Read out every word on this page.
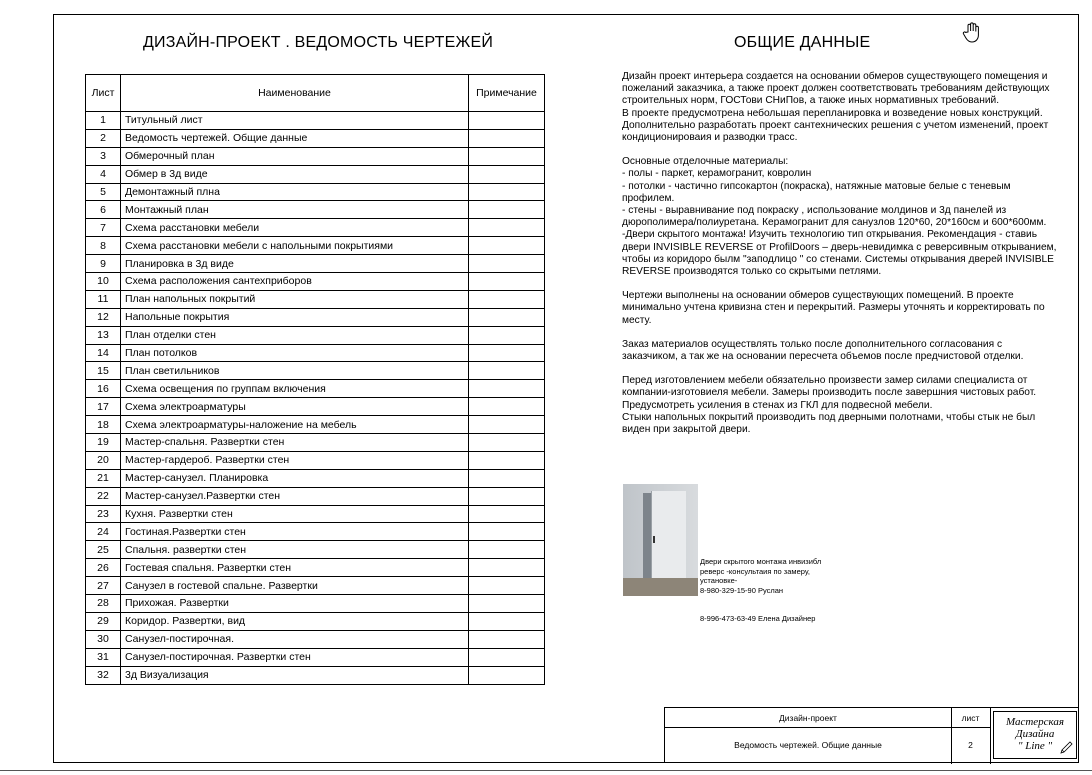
ДИЗАЙН-ПРОЕКТ . ВЕДОМОСТЬ ЧЕРТЕЖЕЙ	ОБЩИЕ ДАННЫЕ
Лист	Наименование	Примечание
1	Титульный лист	
2	Ведомость чертежей. Общие данные	
3	Обмерочный план	
4	Обмер в 3д виде	
5	Демонтажный плна	
6	Монтажный план	
7	Схема расстановки мебели	
8	Схема расстановки мебели с напольными покрытиями	
9	Планировка в 3д виде	
10	Схема расположения сантехприборов	
11	План напольных покрытий	
12	Напольные покрытия	
13	План отделки стен	
14	План потолков	
15	План светильников	
16	Схема освещения по группам включения	
17	Схема электроарматуры	
18	Схема электроарматуры-наложение на мебель	
19	Мастер-спальня. Развертки стен	
20	Мастер-гардероб. Развертки стен	
21	Мастер-санузел. Планировка	
22	Мастер-санузел.Развертки стен	
23	Кухня. Развертки стен	
24	Гостиная.Развертки стен	
25	Спальня. развертки стен	
26	Гостевая спальня. Развертки стен	
27	Санузел в гостевой спальне. Развертки	
28	Прихожая. Развертки	
29	Коридор. Развертки, вид	
30	Санузел-постирочная.	
31	Санузел-постирочная. Развертки стен	
32	3д Визуализация	

Дизайн проект интерьера создается на основании обмеров существующего помещения и пожеланий заказчика, а также проект должен соответствовать требованиям действующих строительных норм, ГОСТови СНиПов, а также иных нормативных требований.

В проекте предусмотрена небольшая перепланировка и возведение новых конструкций. Дополнительно разработать проект сантехнических решения с учетом изменений, проект кондиционироваия и разводки трасс.

Основные отделочные материалы:

- полы - паркет, керамогранит, ковролин

- потолки - частично гипсокартон (покраска), натяжные матовые белые с теневым профилем.

- стены - выравнивание под покраску , использование молдинов и 3д панелей из дюрополимера/полиуретана. Керамогранит для санузлов 120*60, 20*160см и 600*600мм.

-Двери скрытого монтажа! Изучить технологию тип открывания. Рекомендация - ставиь двери INVISIBLE REVERSE от ProfilDoors – дверь-невидимка с реверсивным открыванием, чтобы из коридоро былм "заподлицо " со стенами. Системы открывания дверей INVISIBLE REVERSE производятся только со скрытыми петлями.

Чертежи выполнены на основании обмеров существующих помещений. В проекте минимально учтена кривизна стен и перекрытий. Размеры уточнять и корректировать по месту.

Заказ материалов осуществлять только после дополнительного согласования с заказчиком, а так же на основании пересчета объемов после предчистовой отделки.

Перед изготовлением мебели обязательно произвести замер силами специалиста от компании-изготовиеля мебели. Замеры производить после завершния чистовых работ.

Предусмотреть усиления в стенах из ГКЛ для подвесной мебели.

Стыки напольных покрытий производить под дверными полотнами, чтобы стык не был виден при закрытой двери.

Двери скрытого монтажа инвизибл

реверс -консультаия по замеру,

установке-

8-980-329-15-90 Руслан

8-996-473-63-49 Елена Дизайнер
Дизайн-проект	лист
Ведомость чертежей. Общие данные	2
Мастерская
Дизайна
" Line "
